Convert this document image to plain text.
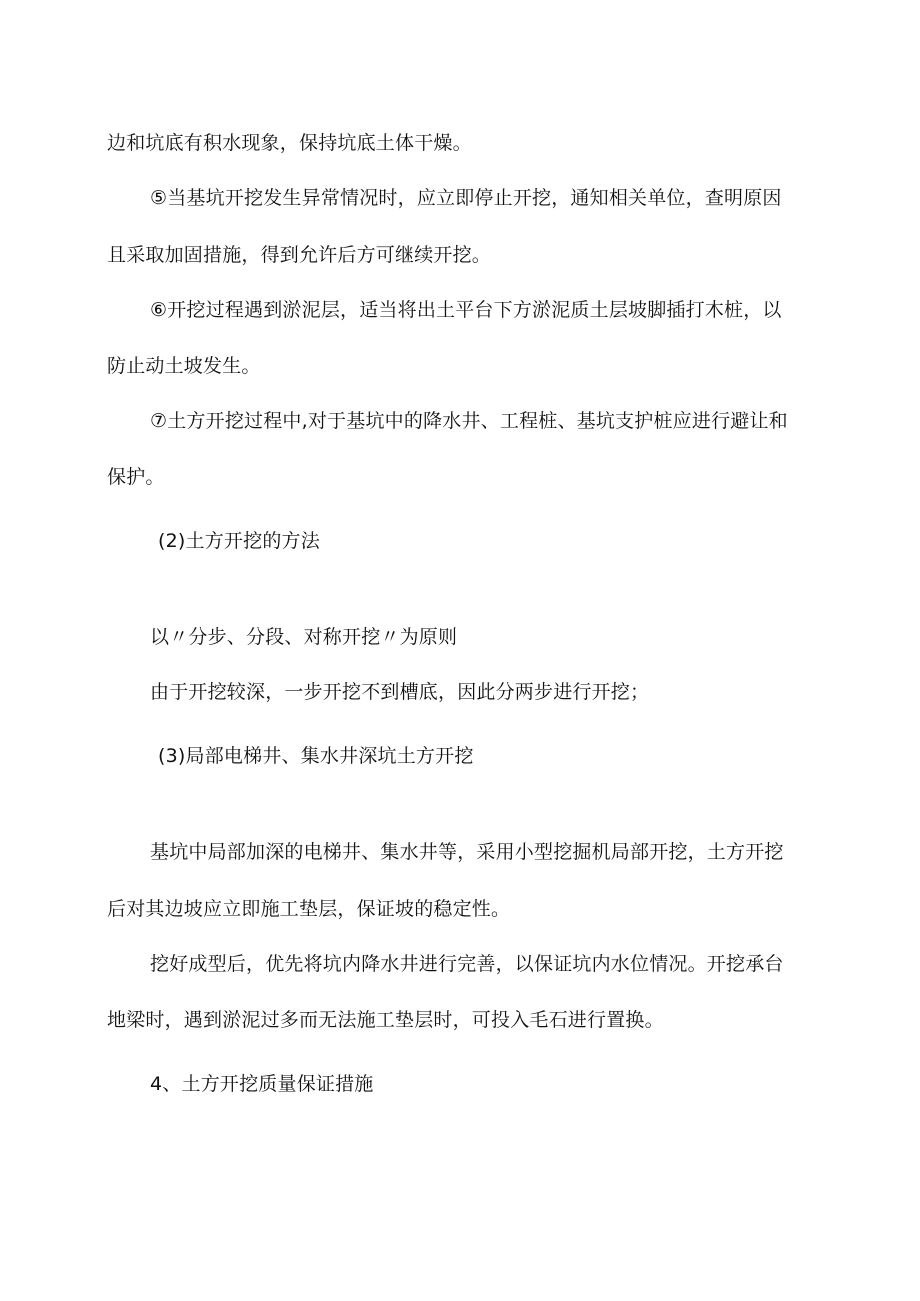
边和坑底有积水现象，保持坑底土体干燥。
⑤当基坑开挖发生异常情况时，应立即停止开挖，通知相关单位，查明原因
且采取加固措施，得到允许后方可继续开挖。
⑥开挖过程遇到淤泥层，适当将出土平台下方淤泥质土层坡脚插打木桩，以
防止动土坡发生。
⑦土方开挖过程中,对于基坑中的降水井、工程桩、基坑支护桩应进行避让和
保护。
(2)土方开挖的方法
以〃分步、分段、对称开挖〃为原则
由于开挖较深，一步开挖不到槽底，因此分两步进行开挖；
(3)局部电梯井、集水井深坑土方开挖
基坑中局部加深的电梯井、集水井等，采用小型挖掘机局部开挖，土方开挖
后对其边坡应立即施工垫层，保证坡的稳定性。
挖好成型后，优先将坑内降水井进行完善，以保证坑内水位情况。开挖承台
地梁时，遇到淤泥过多而无法施工垫层时，可投入毛石进行置换。
4、土方开挖质量保证措施
